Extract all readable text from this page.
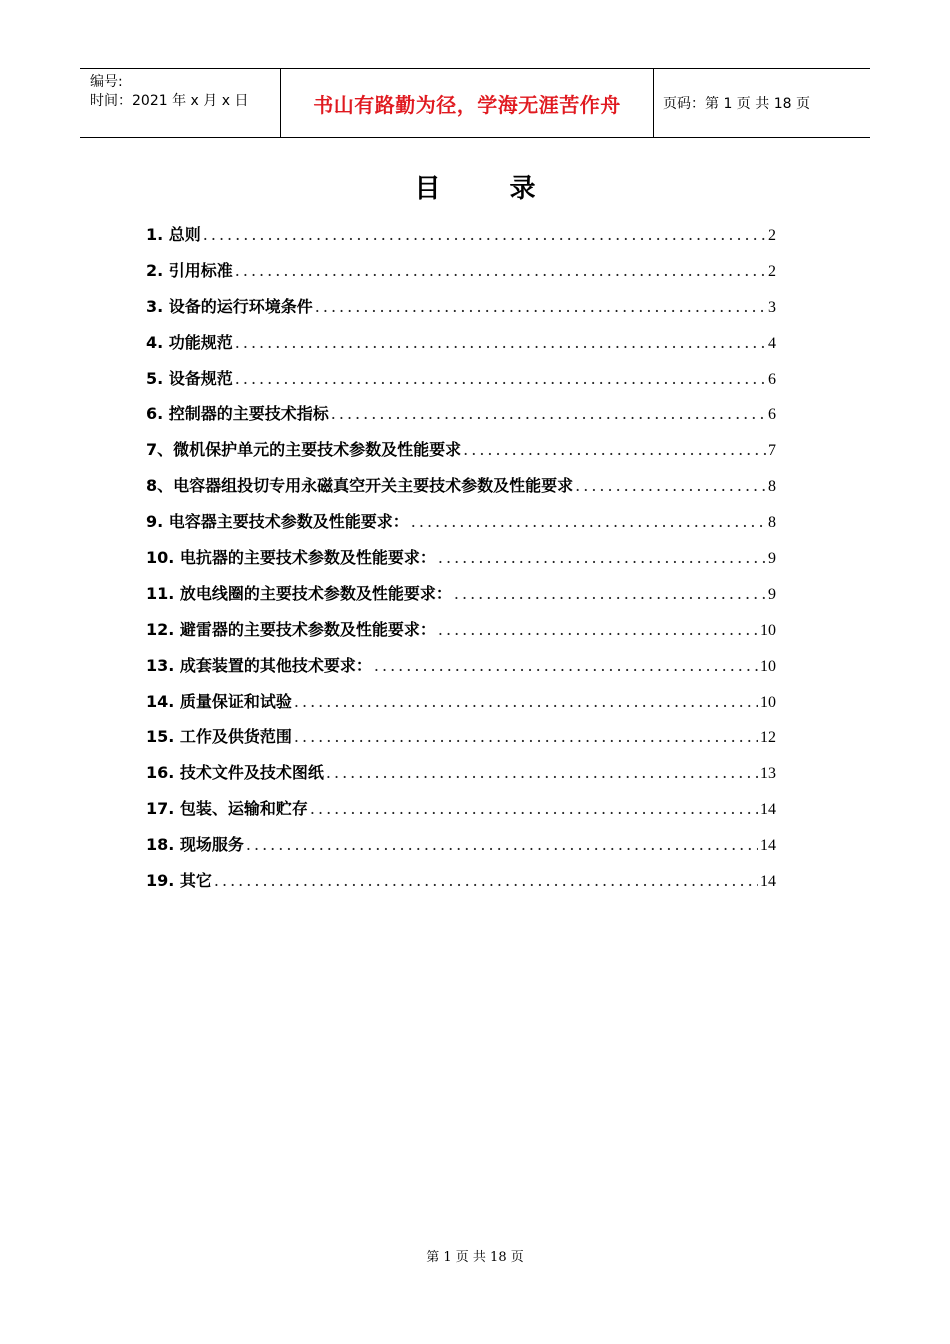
编号:
时间：2021 年 x 月 x 日	书山有路勤为径，学海无涯苦作舟	页码：第 1 页 共 18 页
目 录
1. 总则 .....	2
2. 引用标准 .....	2
3. 设备的运行环境条件 .....	3
4. 功能规范 .....	4
5. 设备规范 .....	6
6. 控制器的主要技术指标 .....	6
7、微机保护单元的主要技术参数及性能要求 .....	7
8、电容器组投切专用永磁真空开关主要技术参数及性能要求 .....	8
9. 电容器主要技术参数及性能要求： .....	8
10. 电抗器的主要技术参数及性能要求： .....	9
11. 放电线圈的主要技术参数及性能要求： .....	9
12. 避雷器的主要技术参数及性能要求： .....	10
13. 成套装置的其他技术要求： .....	10
14. 质量保证和试验 .....	10
15. 工作及供货范围 .....	12
16. 技术文件及技术图纸 .....	13
17. 包装、运输和贮存 .....	14
18. 现场服务 .....	14
19. 其它 .....	14
第 1 页 共 18 页
